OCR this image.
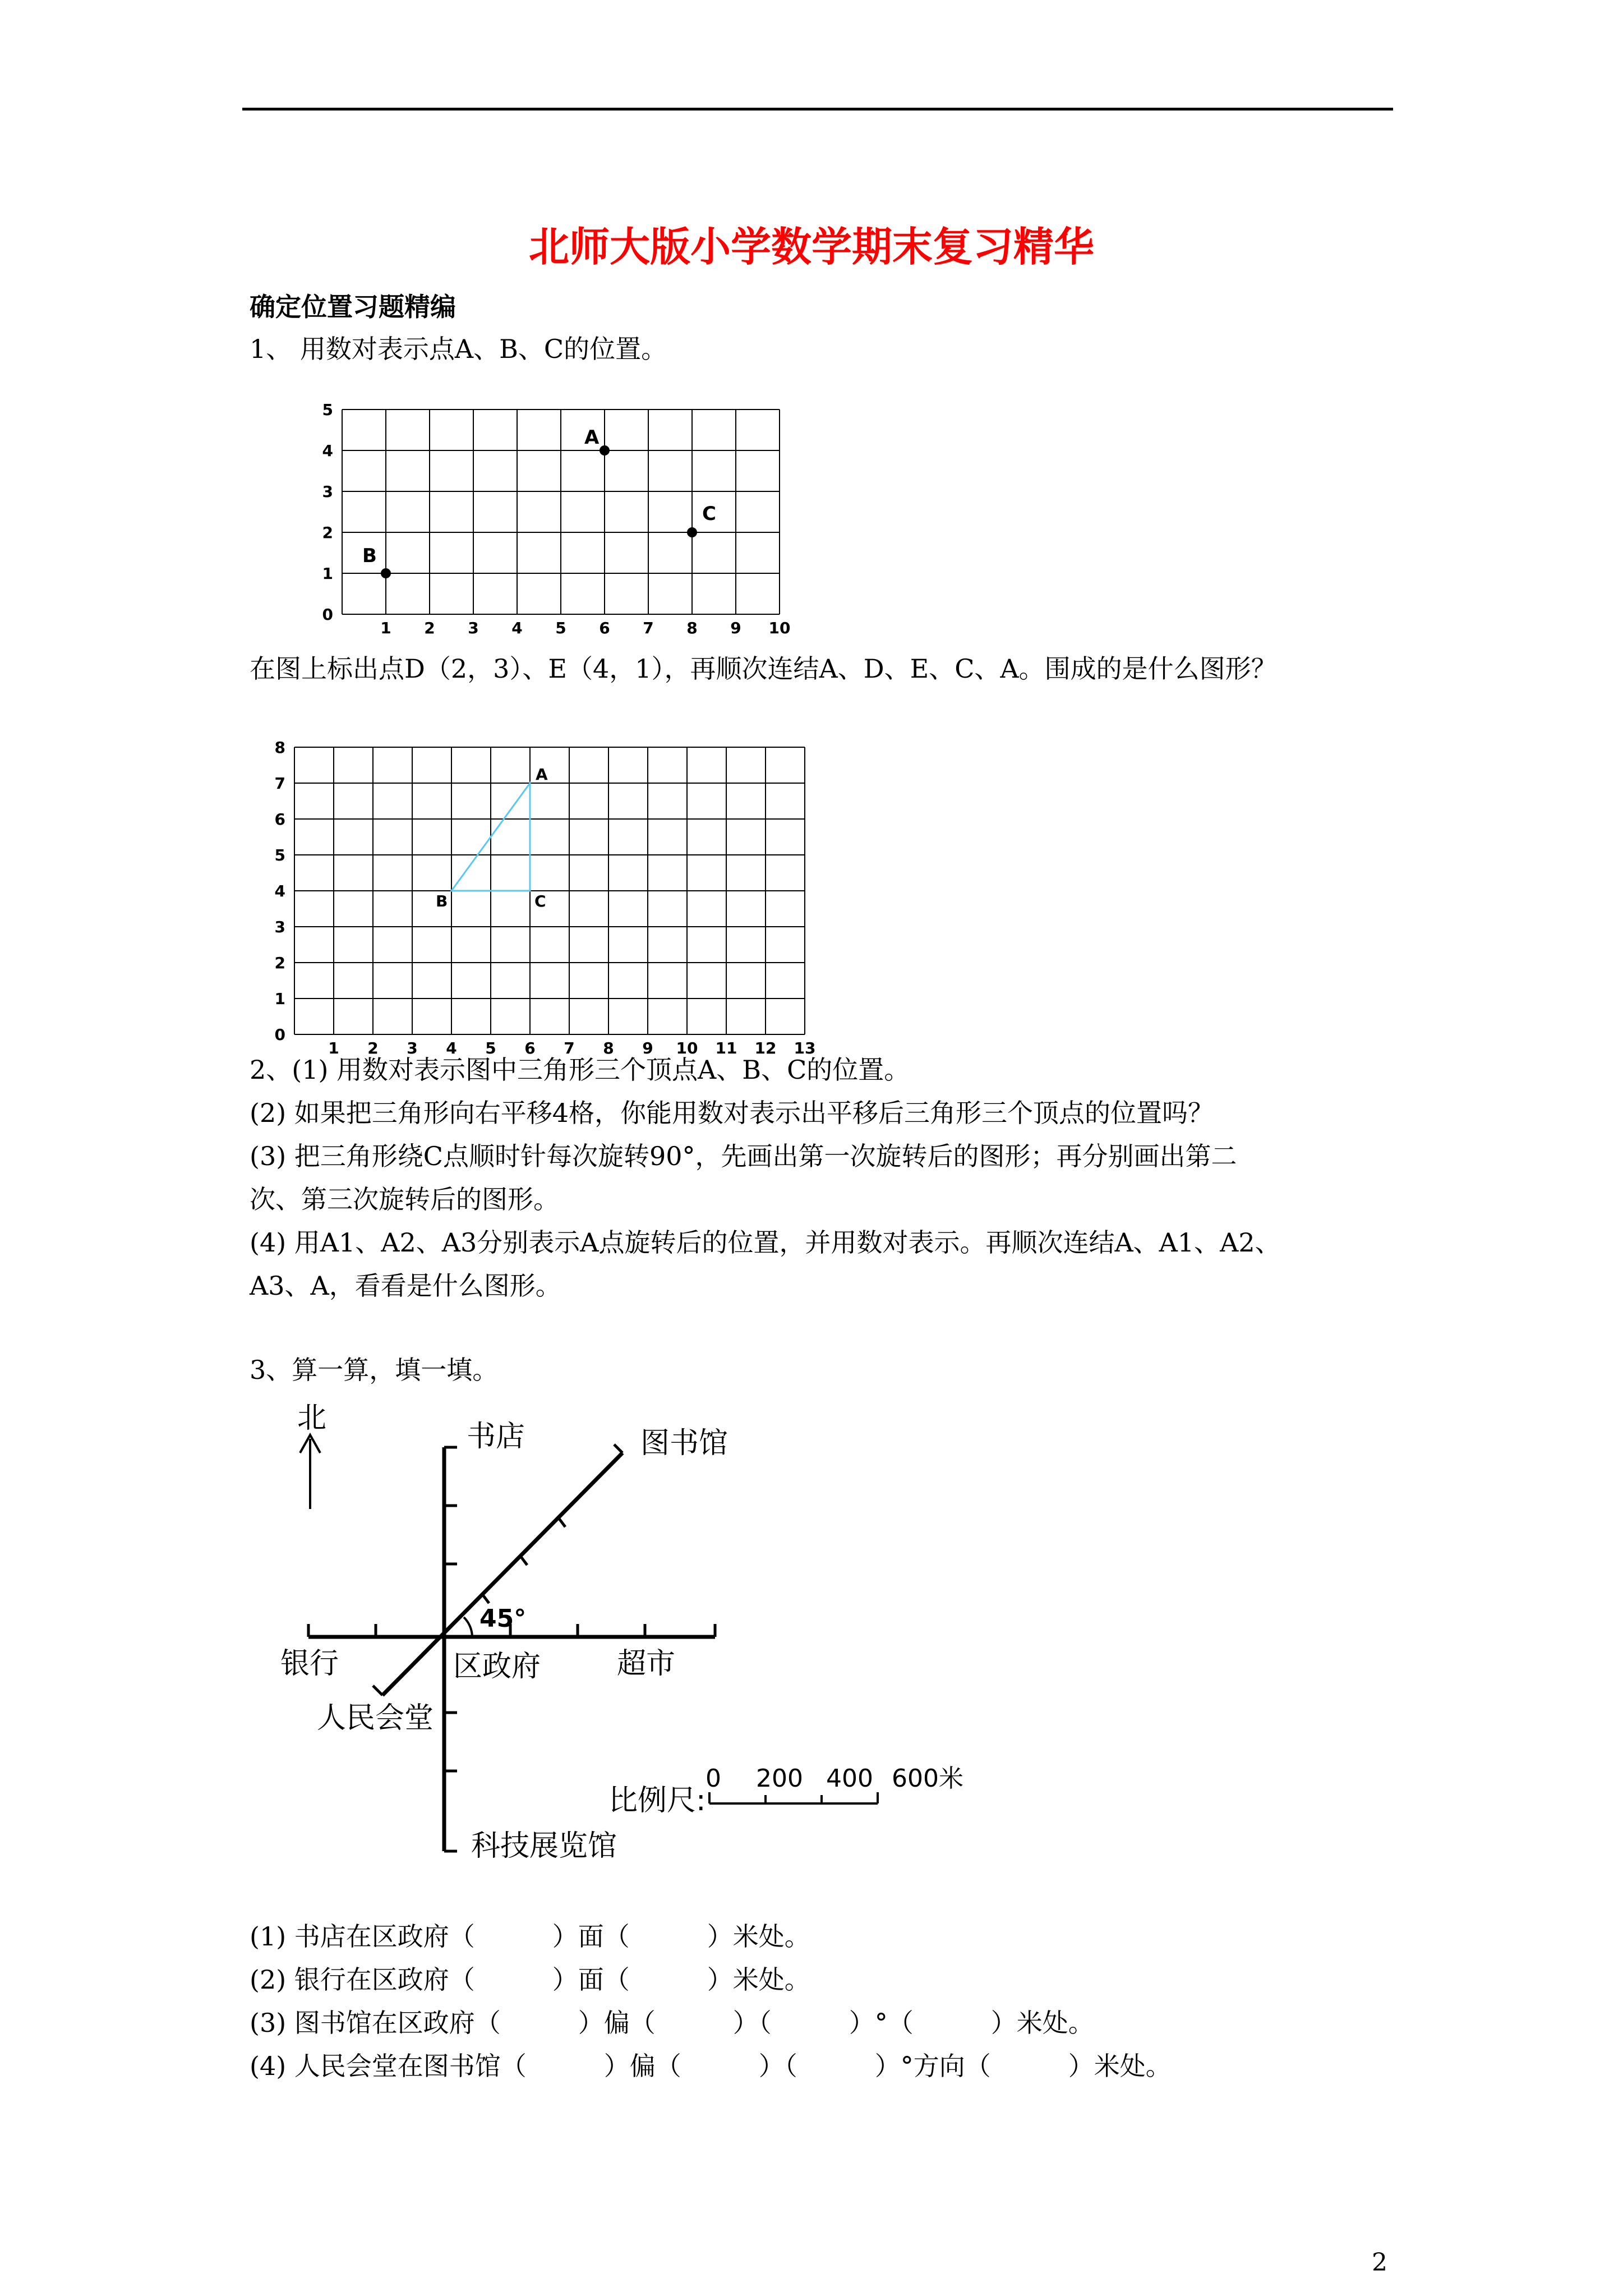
北师大版小学数学期末复习精华
确定位置习题精编
1、 用数对表示点A、B、C的位置。
1 2 3 4 5 6 7 8 9 10
0
1
2
3
4
5
A
B
C
在图上标出点D（2，3）、E（4，1），再顺次连结A、D、E、C、A。围成的是什么图形？
1 2 3 4 5 6 7 8 9 10 11 12 13
0
1
2
3
4
5
6
7
8
A
B	C
2、(1) 用数对表示图中三角形三个顶点A、B、C的位置。
(2) 如果把三角形向右平移4格，你能用数对表示出平移后三角形三个顶点的位置吗？
(3) 把三角形绕C点顺时针每次旋转90°，先画出第一次旋转后的图形；再分别画出第二
次、第三次旋转后的图形。
(4) 用A1、A2、A3分别表示A点旋转后的位置，并用数对表示。再顺次连结A、A1、A2、
A3、A，看看是什么图形。
3、算一算，填一填。
北
45°
书店	图书馆
银行	区政府	超市
人民会堂
科技展览馆
比例尺:
0 200 400 600米
(1) 书店在区政府（　　　）面（　　　）米处。
(2) 银行在区政府（　　　）面（　　　）米处。
(3) 图书馆在区政府（　　　）偏（　　　）（　　　）°（　　　）米处。
(4) 人民会堂在图书馆（　　　）偏（　　　）（　　　）°方向（　　　）米处。
2
